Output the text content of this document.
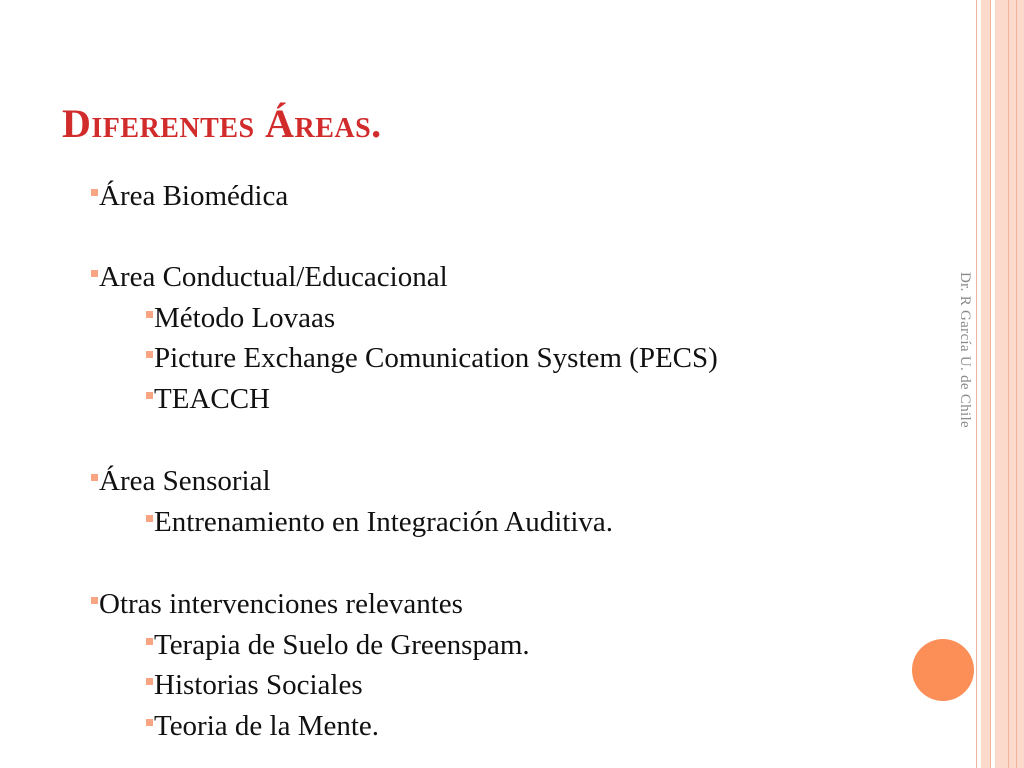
Dr. R García U. de Chile
Diferentes Áreas.
Área Biomédica
Area Conductual/Educacional
Método Lovaas
Picture Exchange Comunication System (PECS)
TEACCH
Área Sensorial
Entrenamiento en Integración Auditiva.
Otras intervenciones relevantes
Terapia de Suelo de Greenspam.
Historias Sociales
Teoria de la Mente.
